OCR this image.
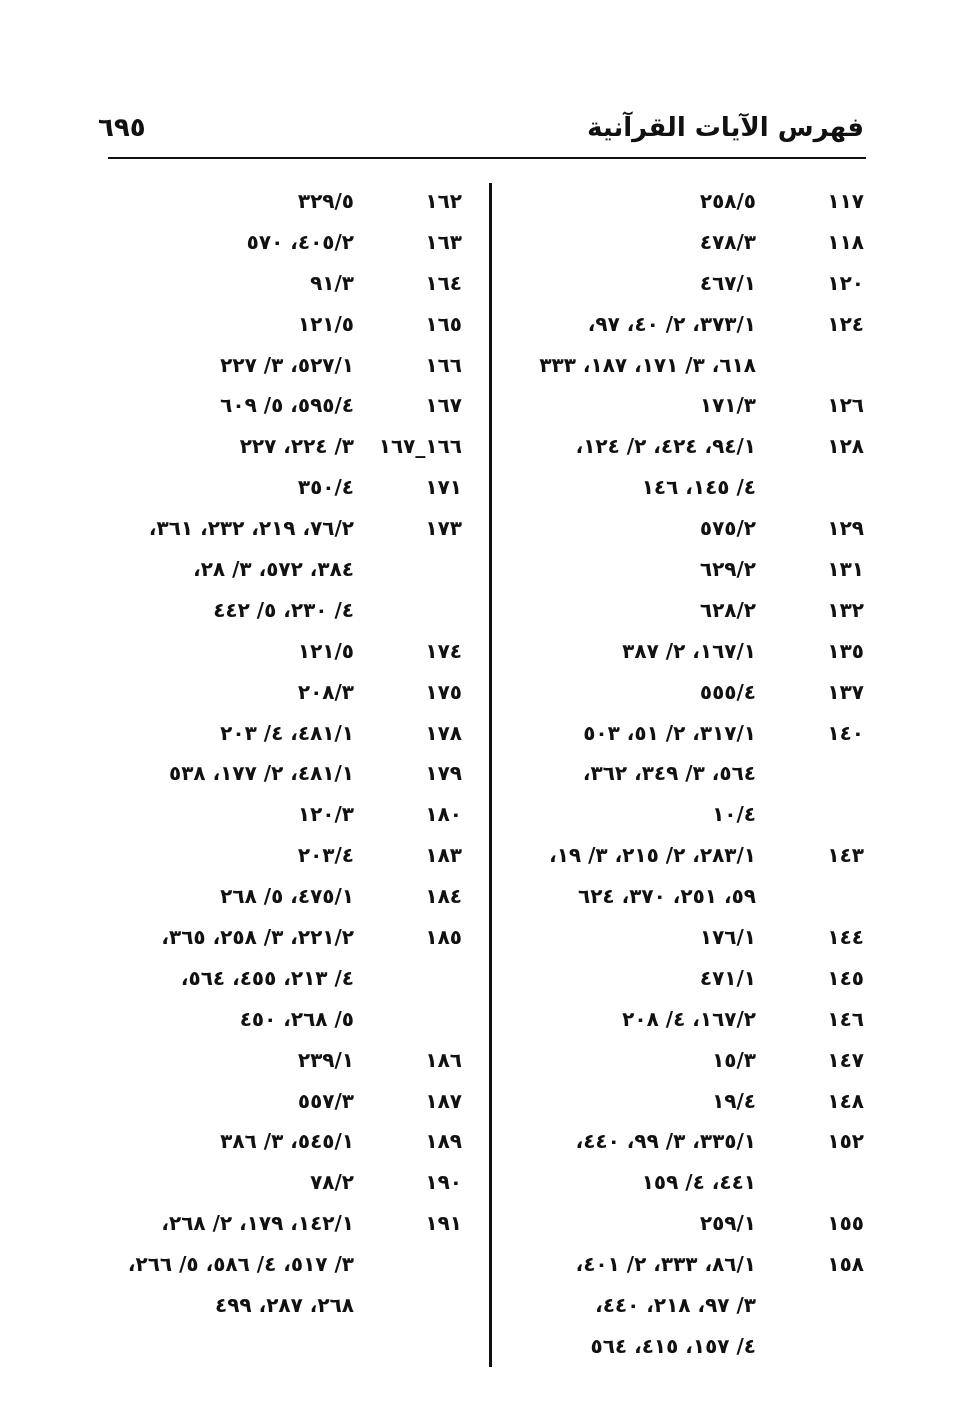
فهرس الآيات القرآنية
٦٩٥
١١٧
٢٥٨/٥
١١٨
٤٧٨/٣
١٢٠
٤٦٧/١
١٢٤
٣٧٣/١، ٢/ ٤٠، ٩٧،
٦١٨، ٣/ ١٧١، ١٨٧، ٣٣٣
١٢٦
١٧١/٣
١٢٨
٩٤/١، ٤٢٤، ٢/ ١٢٤،
٤/ ١٤٥، ١٤٦
١٢٩
٥٧٥/٢
١٣١
٦٢٩/٢
١٣٢
٦٢٨/٢
١٣٥
١٦٧/١، ٢/ ٣٨٧
١٣٧
٥٥٥/٤
١٤٠
٣١٧/١، ٢/ ٥١، ٥٠٣
٥٦٤، ٣/ ٣٤٩، ٣٦٢،
١٠/٤
١٤٣
٢٨٣/١، ٢/ ٢١٥، ٣/ ١٩،
٥٩، ٢٥١، ٣٧٠، ٦٢٤
١٤٤
١٧٦/١
١٤٥
٤٧١/١
١٤٦
١٦٧/٢، ٤/ ٢٠٨
١٤٧
١٥/٣
١٤٨
١٩/٤
١٥٢
٣٣٥/١، ٣/ ٩٩، ٤٤٠،
٤٤١، ٤/ ١٥٩
١٥٥
٢٥٩/١
١٥٨
٨٦/١، ٣٣٣، ٢/ ٤٠١،
٣/ ٩٧، ٢١٨، ٤٤٠،
٤/ ١٥٧، ٤١٥، ٥٦٤
١٦٢
٣٢٩/٥
١٦٣
٤٠٥/٢، ٥٧٠
١٦٤
٩١/٣
١٦٥
١٢١/٥
١٦٦
٥٢٧/١، ٣/ ٢٢٧
١٦٧
٥٩٥/٤، ٥/ ٦٠٩
١٦٦_١٦٧
٣/ ٢٢٤، ٢٢٧
١٧١
٣٥٠/٤
١٧٣
٧٦/٢، ٢١٩، ٢٣٢، ٣٦١،
٣٨٤، ٥٧٢، ٣/ ٢٨،
٤/ ٢٣٠، ٥/ ٤٤٢
١٧٤
١٢١/٥
١٧٥
٢٠٨/٣
١٧٨
٤٨١/١، ٤/ ٢٠٣
١٧٩
٤٨١/١، ٢/ ١٧٧، ٥٣٨
١٨٠
١٢٠/٣
١٨٣
٢٠٣/٤
١٨٤
٤٧٥/١، ٥/ ٢٦٨
١٨٥
٢٢١/٢، ٣/ ٢٥٨، ٣٦٥،
٤/ ٢١٣، ٤٥٥، ٥٦٤،
٥/ ٢٦٨، ٤٥٠
١٨٦
٢٣٩/١
١٨٧
٥٥٧/٣
١٨٩
٥٤٥/١، ٣/ ٣٨٦
١٩٠
٧٨/٢
١٩١
١٤٢/١، ١٧٩، ٢/ ٢٦٨،
٣/ ٥١٧، ٤/ ٥٨٦، ٥/ ٢٦٦،
٢٦٨، ٢٨٧، ٤٩٩
